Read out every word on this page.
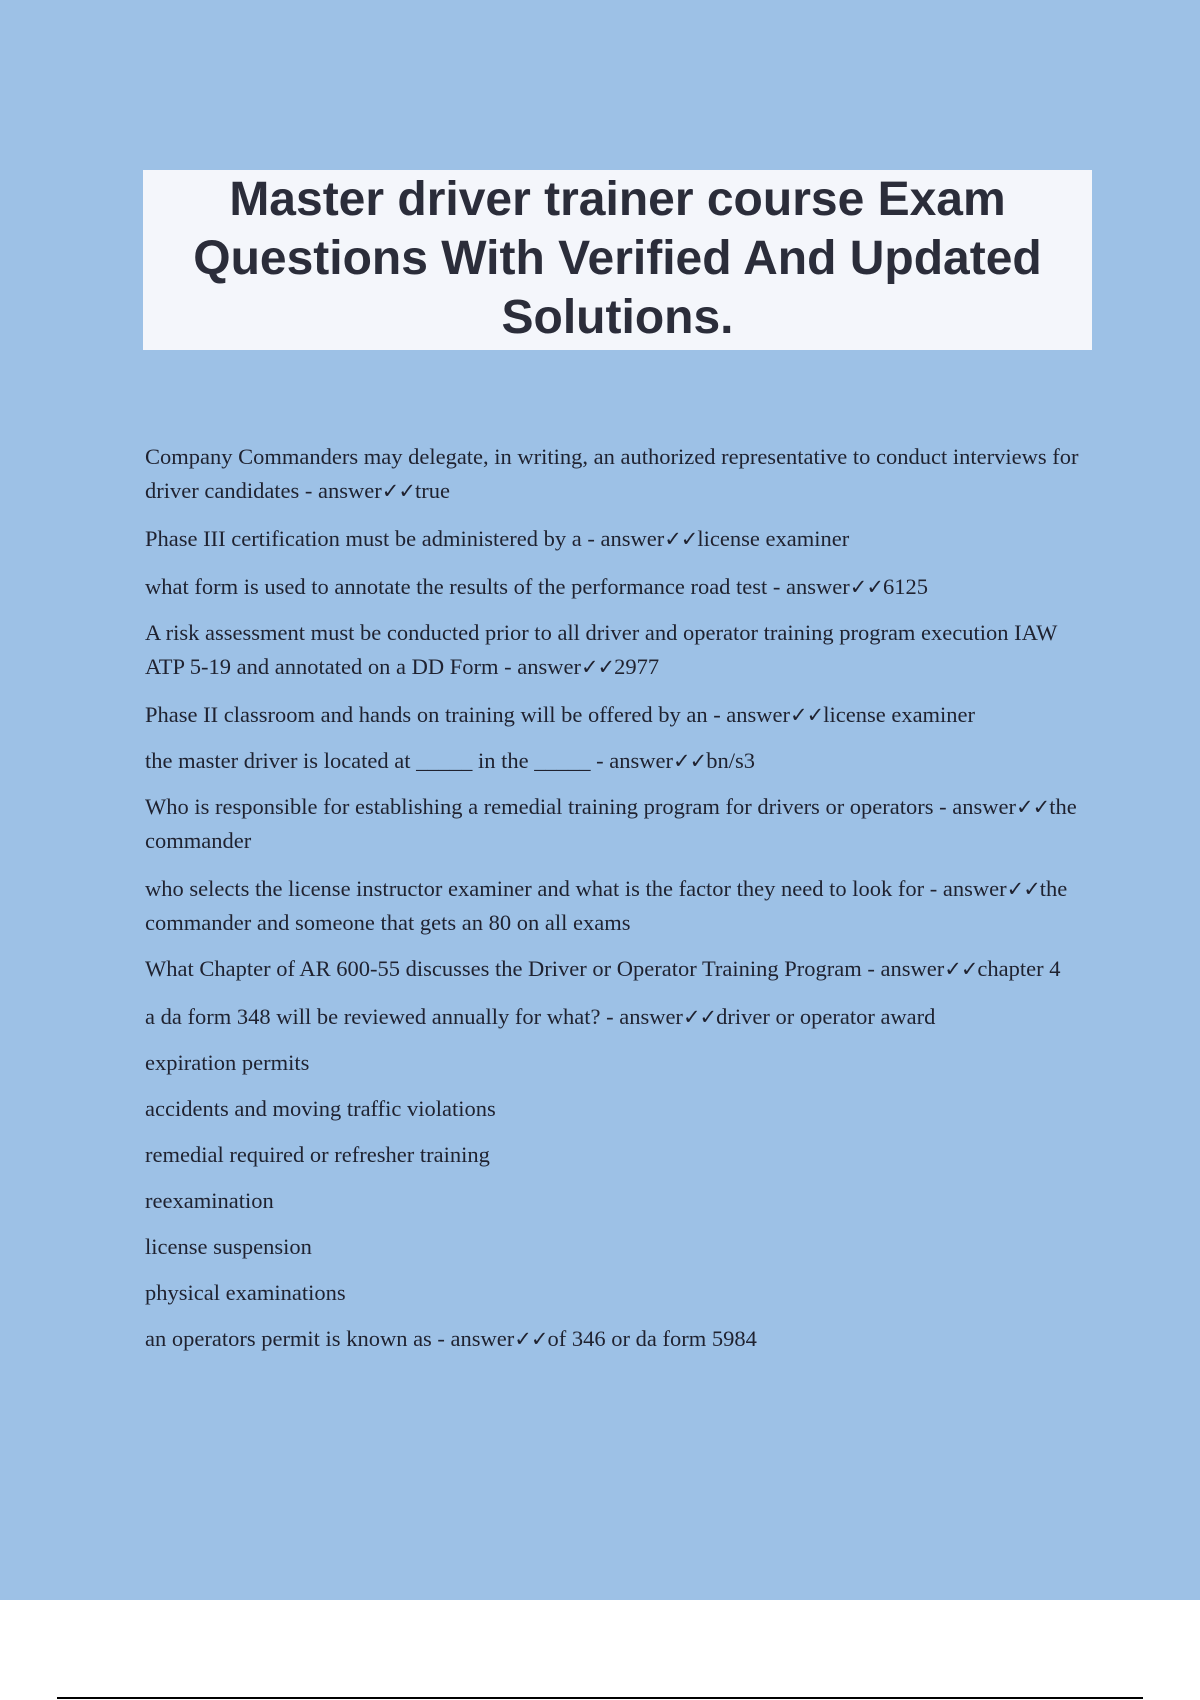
Master driver trainer course Exam Questions With Verified And Updated Solutions.

Company Commanders may delegate, in writing, an authorized representative to conduct interviews for driver candidates - answer✓✓true

Phase III certification must be administered by a - answer✓✓license examiner

what form is used to annotate the results of the performance road test - answer✓✓6125

A risk assessment must be conducted prior to all driver and operator training program execution IAW ATP 5-19 and annotated on a DD Form - answer✓✓2977

Phase II classroom and hands on training will be offered by an - answer✓✓license examiner

the master driver is located at _____ in the _____ - answer✓✓bn/s3

Who is responsible for establishing a remedial training program for drivers or operators - answer✓✓the commander

who selects the license instructor examiner and what is the factor they need to look for - answer✓✓the commander and someone that gets an 80 on all exams

What Chapter of AR 600-55 discusses the Driver or Operator Training Program - answer✓✓chapter 4

a da form 348 will be reviewed annually for what? - answer✓✓driver or operator award

expiration permits

accidents and moving traffic violations

remedial required or refresher training

reexamination

license suspension

physical examinations

an operators permit is known as - answer✓✓of 346 or da form 5984
